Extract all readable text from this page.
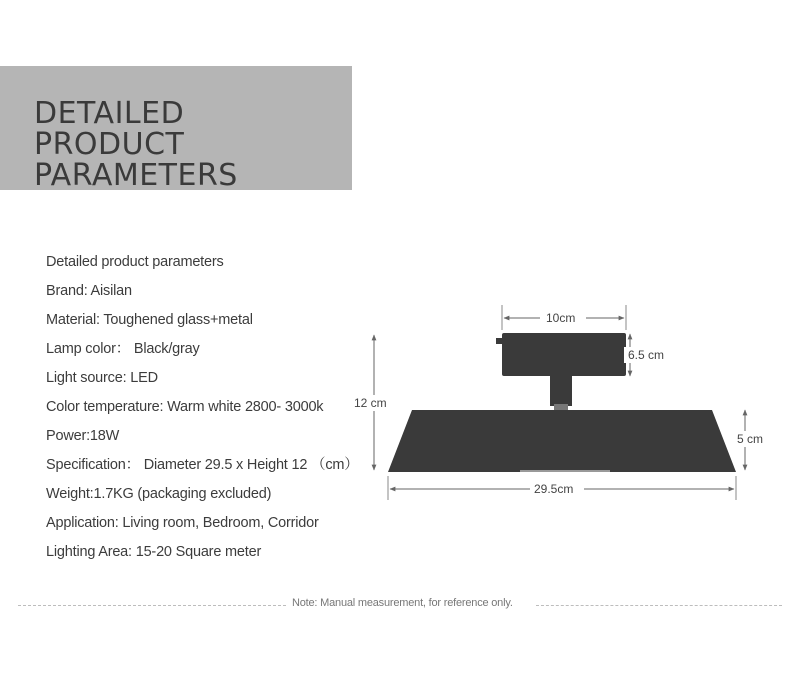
DETAILED PRODUCT
PARAMETERS
Detailed product parameters
Brand: Aisilan
Material: Toughened glass+metal
Lamp color： Black/gray
Light source: LED
Color temperature: Warm white 2800- 3000k
Power:18W
Specification： Diameter 29.5 x Height 12 （cm）
Weight:1.7KG (packaging excluded)
Application: Living room, Bedroom, Corridor
Lighting Area: 15-20 Square meter
10cm
6.5 cm
12 cm
5 cm
29.5cm
Note: Manual measurement, for reference only.
